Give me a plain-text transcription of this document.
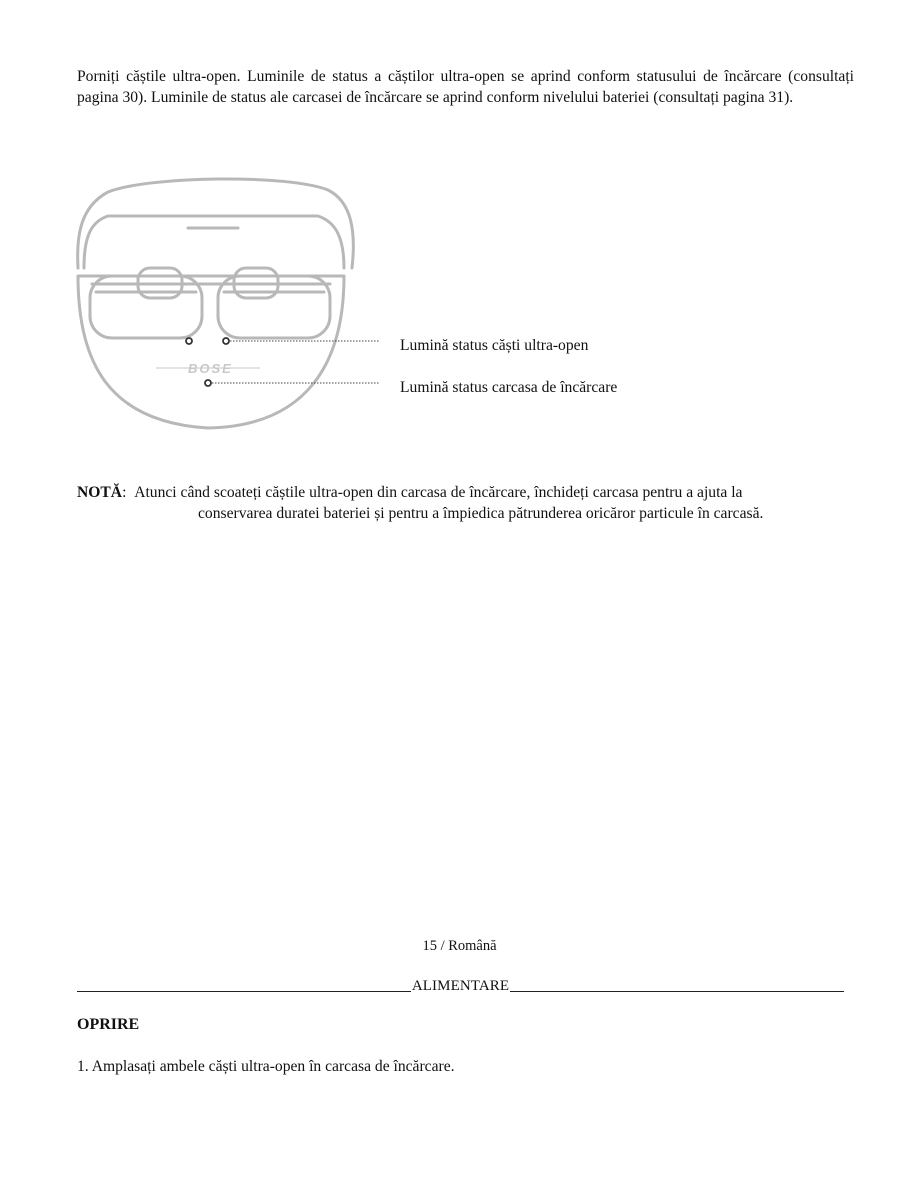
Porniți căștile ultra-open. Luminile de status a căștilor ultra-open se aprind conform statusului de încărcare (consultați pagina 30). Luminile de status ale carcasei de încărcare se aprind conform nivelului bateriei (consultați pagina 31).

BOSE
Lumină status căști ultra-open
Lumină status carcasa de încărcare
NOTĂ: Atunci când scoateți căștile ultra-open din carcasa de încărcare, închideți carcasa pentru a ajuta la
conservarea duratei bateriei și pentru a împiedica pătrunderea oricăror particule în carcasă.
15 / Română
ALIMENTARE
OPRIRE
1. Amplasați ambele căști ultra-open în carcasa de încărcare.
